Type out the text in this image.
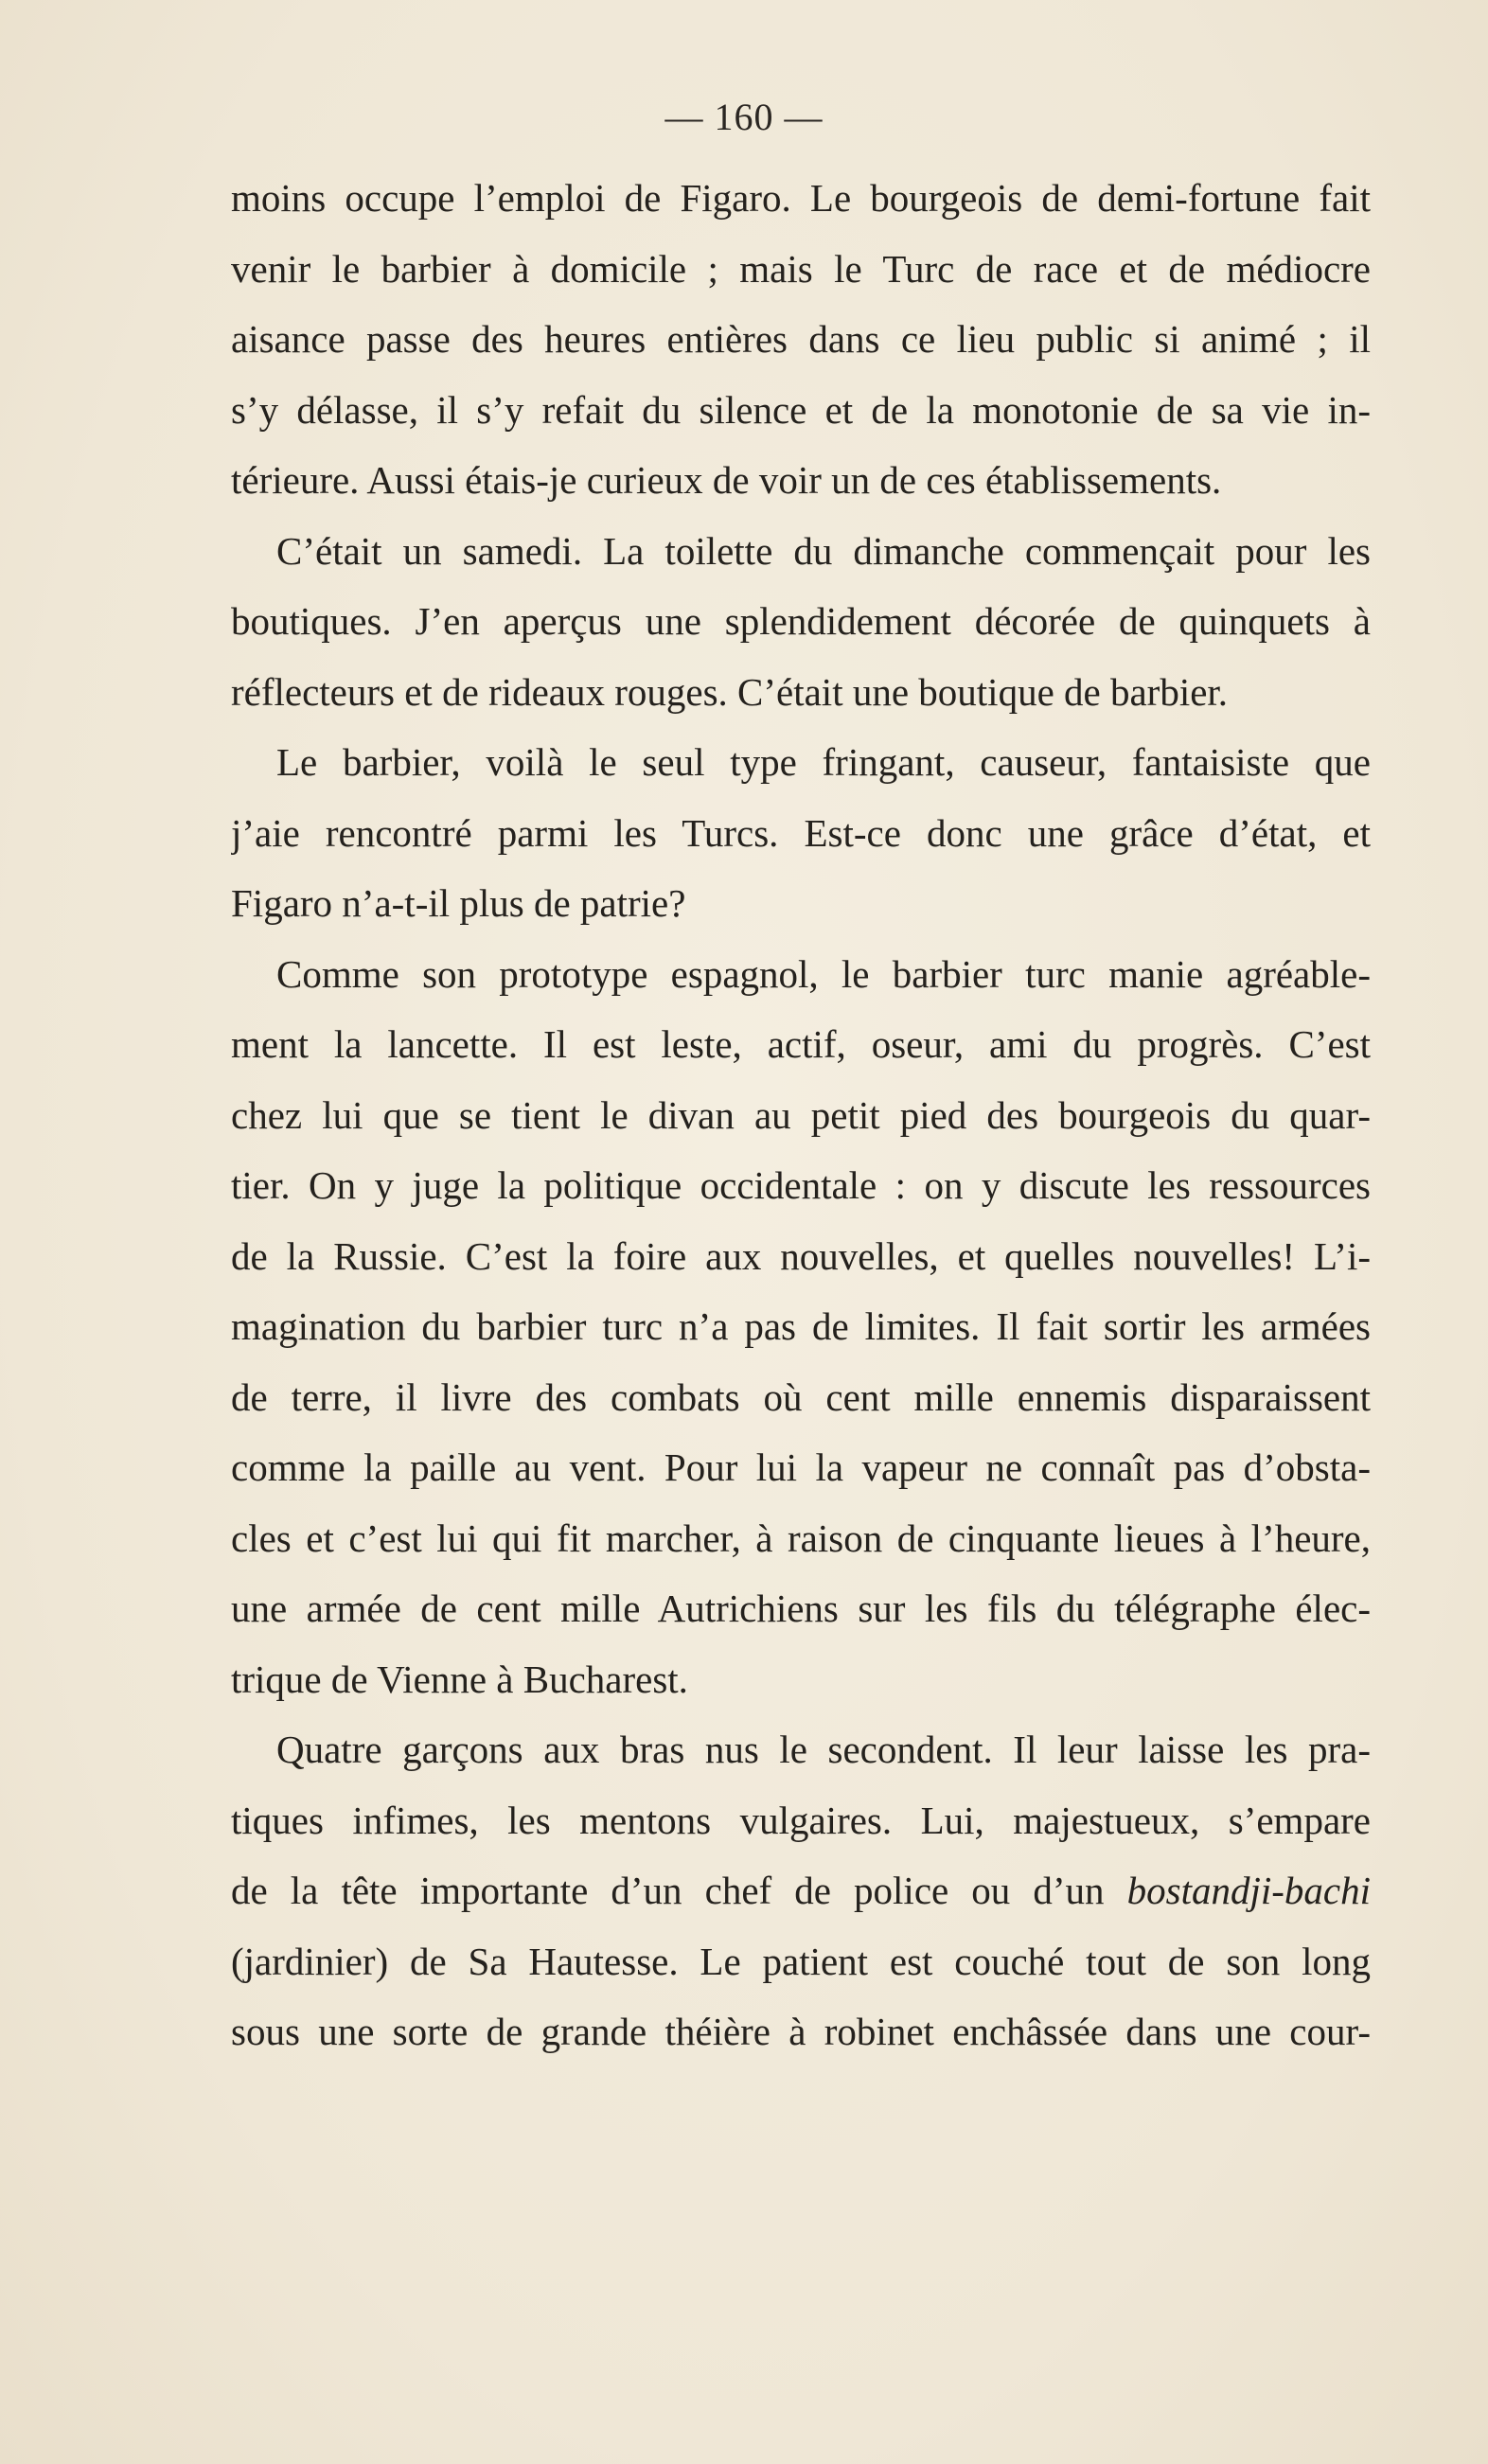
— 160 —
moins occupe l’emploi de Figaro. Le bourgeois de demi-fortune fait
venir le barbier à domicile ; mais le Turc de race et de médiocre
aisance passe des heures entières dans ce lieu public si animé ; il
s’y délasse, il s’y refait du silence et de la monotonie de sa vie in-
térieure. Aussi étais-je curieux de voir un de ces établissements.
C’était un samedi. La toilette du dimanche commençait pour les
boutiques. J’en aperçus une splendidement décorée de quinquets à
réflecteurs et de rideaux rouges. C’était une boutique de barbier.
Le barbier, voilà le seul type fringant, causeur, fantaisiste que
j’aie rencontré parmi les Turcs. Est-ce donc une grâce d’état, et
Figaro n’a-t-il plus de patrie?
Comme son prototype espagnol, le barbier turc manie agréable-
ment la lancette. Il est leste, actif, oseur, ami du progrès. C’est
chez lui que se tient le divan au petit pied des bourgeois du quar-
tier. On y juge la politique occidentale : on y discute les ressources
de la Russie. C’est la foire aux nouvelles, et quelles nouvelles! L’i-
magination du barbier turc n’a pas de limites. Il fait sortir les armées
de terre, il livre des combats où cent mille ennemis disparaissent
comme la paille au vent. Pour lui la vapeur ne connaît pas d’obsta-
cles et c’est lui qui fit marcher, à raison de cinquante lieues à l’heure,
une armée de cent mille Autrichiens sur les fils du télégraphe élec-
trique de Vienne à Bucharest.
Quatre garçons aux bras nus le secondent. Il leur laisse les pra-
tiques infimes, les mentons vulgaires. Lui, majestueux, s’empare
de la tête importante d’un chef de police ou d’un bostandji-bachi
(jardinier) de Sa Hautesse. Le patient est couché tout de son long
sous une sorte de grande théière à robinet enchâssée dans une cour-
